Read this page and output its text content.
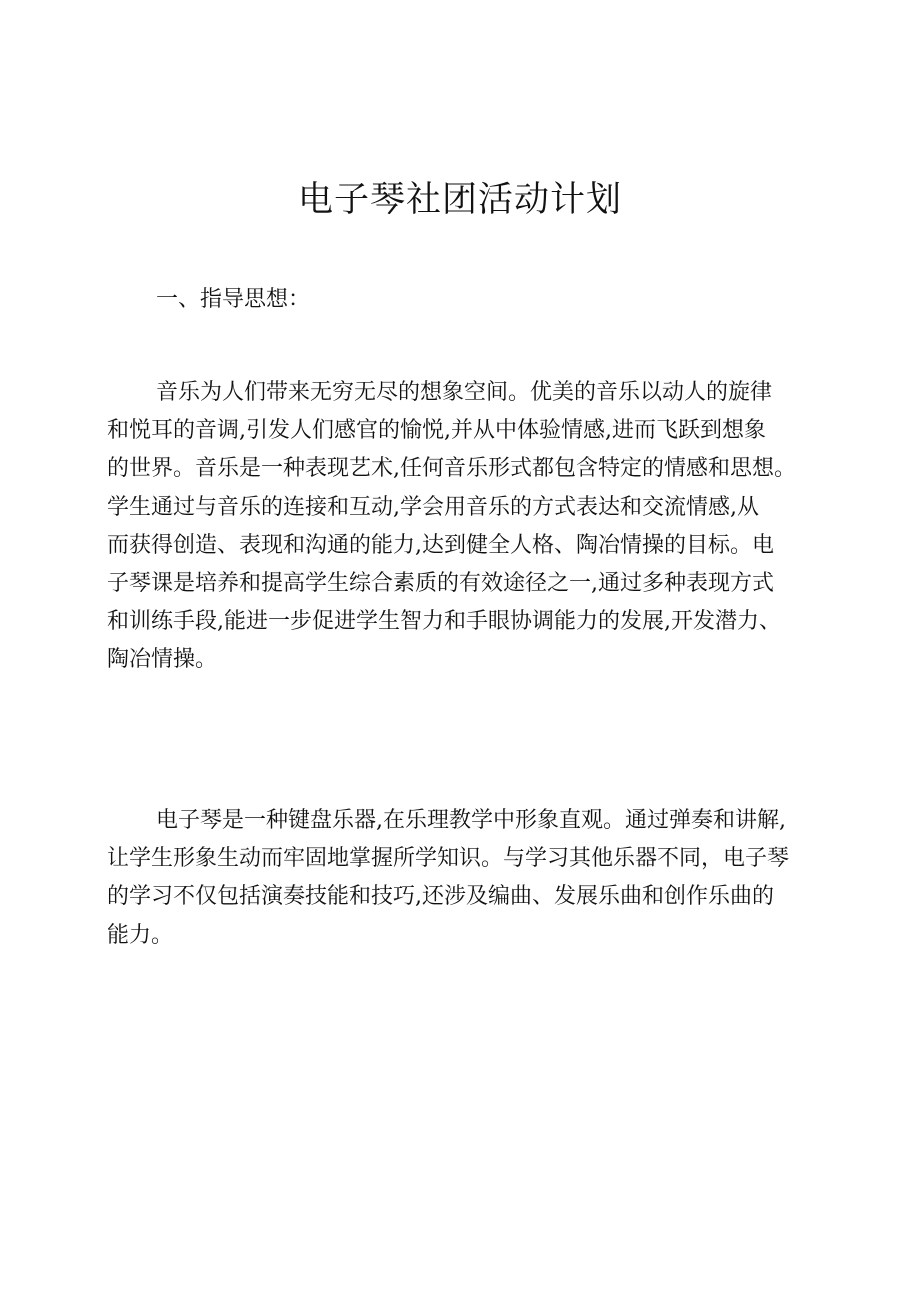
电子琴社团活动计划
一、指导思想：

音乐为人们带来无穷无尽的想象空间。优美的音乐以动人的旋律
和悦耳的音调,引发人们感官的愉悦,并从中体验情感,进而飞跃到想象
的世界。音乐是一种表现艺术,任何音乐形式都包含特定的情感和思想。
学生通过与音乐的连接和互动,学会用音乐的方式表达和交流情感,从
而获得创造、表现和沟通的能力,达到健全人格、陶冶情操的目标。电
子琴课是培养和提高学生综合素质的有效途径之一,通过多种表现方式
和训练手段,能进一步促进学生智力和手眼协调能力的发展,开发潜力、
陶冶情操。

电子琴是一种键盘乐器,在乐理教学中形象直观。通过弹奏和讲解,
让学生形象生动而牢固地掌握所学知识。与学习其他乐器不同，电子琴
的学习不仅包括演奏技能和技巧,还涉及编曲、发展乐曲和创作乐曲的
能力。
